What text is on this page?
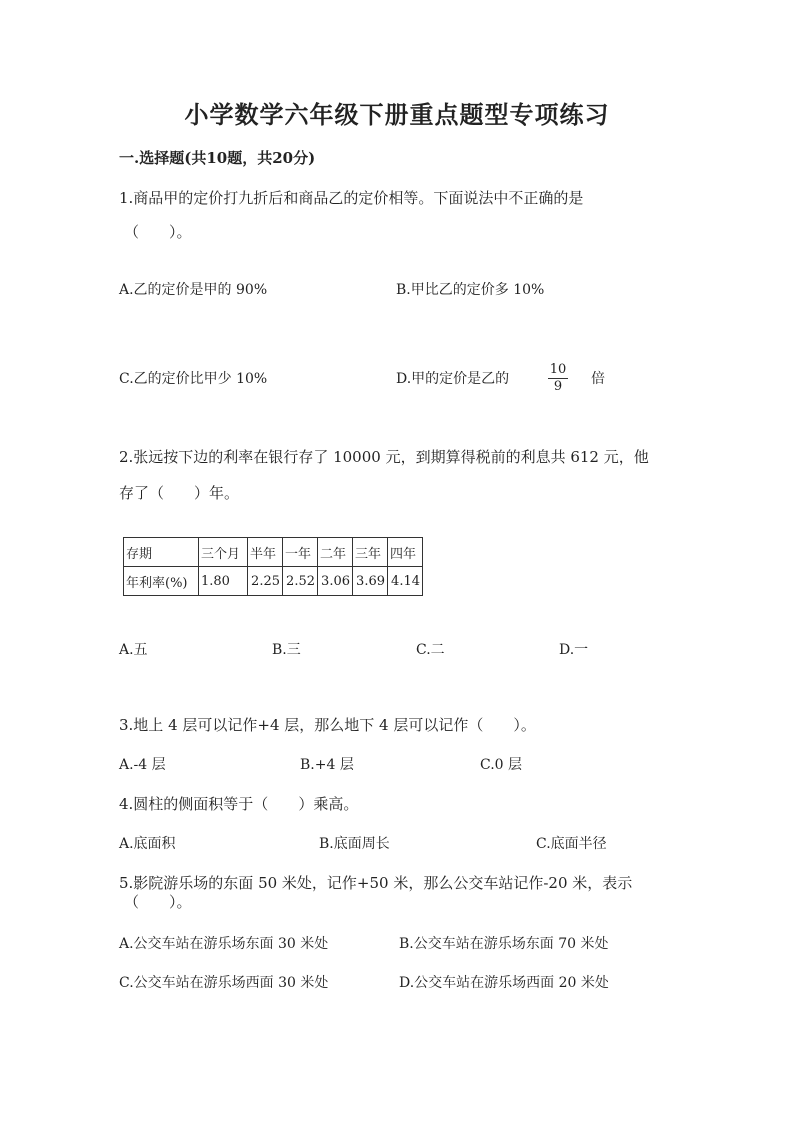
小学数学六年级下册重点题型专项练习
一.选择题(共10题，共20分)
1.商品甲的定价打九折后和商品乙的定价相等。下面说法中不正确的是
（　　）。
A.乙的定价是甲的 90%	B.甲比乙的定价多 10%
C.乙的定价比甲少 10%	D.甲的定价是乙的	$\frac{10}{9}$ 倍
2.张远按下边的利率在银行存了 10000 元，到期算得税前的利息共 612 元，他
存了（　　）年。
存期	三个月	半年	一年	二年	三年	四年
年利率(%)	1.80	2.25	2.52	3.06	3.69	4.14
A.五	B.三	C.二	D.一
3.地上 4 层可以记作+4 层，那么地下 4 层可以记作（　　）。
A.-4 层	B.+4 层	C.0 层
4.圆柱的侧面积等于（　　）乘高。
A.底面积	B.底面周长	C.底面半径
5.影院游乐场的东面 50 米处，记作+50 米，那么公交车站记作-20 米，表示
（　　）。
A.公交车站在游乐场东面 30 米处	B.公交车站在游乐场东面 70 米处
C.公交车站在游乐场西面 30 米处	D.公交车站在游乐场西面 20 米处
